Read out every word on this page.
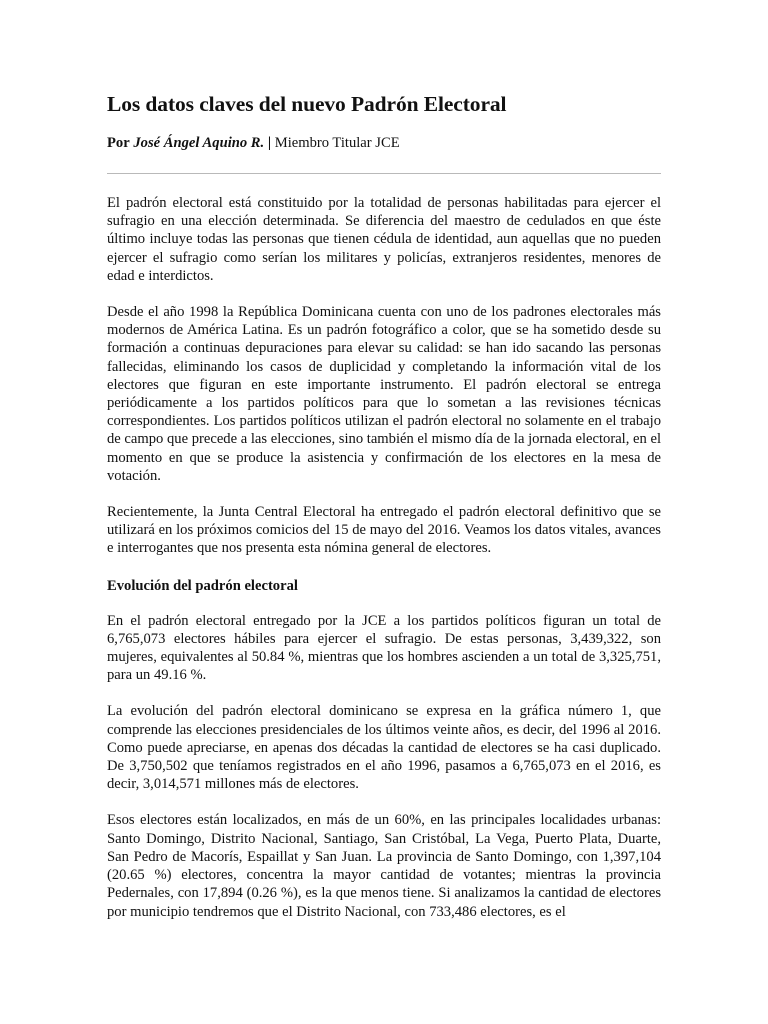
Los datos claves del nuevo Padrón Electoral
Por José Ángel Aquino R. | Miembro Titular JCE

El padrón electoral está constituido por la totalidad de personas habilitadas para ejercer el sufragio en una elección determinada. Se diferencia del maestro de cedulados en que éste último incluye todas las personas que tienen cédula de identidad, aun aquellas que no pueden ejercer el sufragio como serían los militares y policías, extranjeros residentes, menores de edad e interdictos.

Desde el año 1998 la República Dominicana cuenta con uno de los padrones electorales más modernos de América Latina. Es un padrón fotográfico a color, que se ha sometido desde su formación a continuas depuraciones para elevar su calidad: se han ido sacando las personas fallecidas, eliminando los casos de duplicidad y completando la información vital de los electores que figuran en este importante instrumento. El padrón electoral se entrega periódicamente a los partidos políticos para que lo sometan a las revisiones técnicas correspondientes. Los partidos políticos utilizan el padrón electoral no solamente en el trabajo de campo que precede a las elecciones, sino también el mismo día de la jornada electoral, en el momento en que se produce la asistencia y confirmación de los electores en la mesa de votación.

Recientemente, la Junta Central Electoral ha entregado el padrón electoral definitivo que se utilizará en los próximos comicios del 15 de mayo del 2016. Veamos los datos vitales, avances e interrogantes que nos presenta esta nómina general de electores.

Evolución del padrón electoral

En el padrón electoral entregado por la JCE a los partidos políticos figuran un total de 6,765,073 electores hábiles para ejercer el sufragio. De estas personas, 3,439,322, son mujeres, equivalentes al 50.84 %, mientras que los hombres ascienden a un total de 3,325,751, para un 49.16 %.

La evolución del padrón electoral dominicano se expresa en la gráfica número 1, que comprende las elecciones presidenciales de los últimos veinte años, es decir, del 1996 al 2016. Como puede apreciarse, en apenas dos décadas la cantidad de electores se ha casi duplicado. De 3,750,502 que teníamos registrados en el año 1996, pasamos a 6,765,073 en el 2016, es decir, 3,014,571 millones más de electores.

Esos electores están localizados, en más de un 60%, en las principales localidades urbanas: Santo Domingo, Distrito Nacional, Santiago, San Cristóbal, La Vega, Puerto Plata, Duarte, San Pedro de Macorís, Espaillat y San Juan. La provincia de Santo Domingo, con 1,397,104 (20.65 %) electores, concentra la mayor cantidad de votantes; mientras la provincia Pedernales, con 17,894 (0.26 %), es la que menos tiene. Si analizamos la cantidad de electores por municipio tendremos que el Distrito Nacional, con 733,486 electores, es el
